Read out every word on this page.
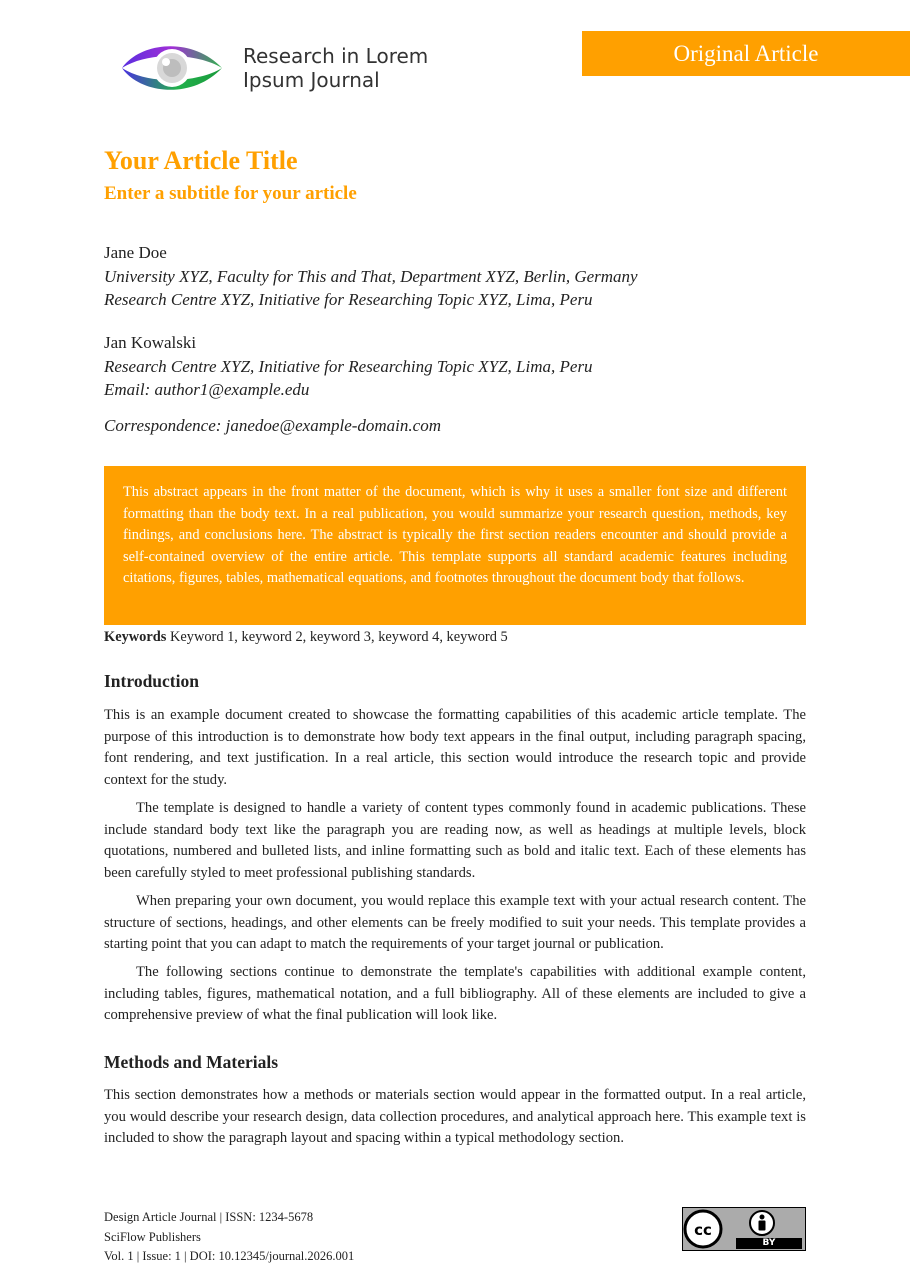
Research in Lorem
Ipsum Journal
Original Article
Your Article Title
Enter a subtitle for your article
Jane Doe
University XYZ, Faculty for This and That, Department XYZ, Berlin, Germany
Research Centre XYZ, Initiative for Researching Topic XYZ, Lima, Peru
Jan Kowalski
Research Centre XYZ, Initiative for Researching Topic XYZ, Lima, Peru
Email: author1@example.edu
Correspondence: janedoe@example-domain.com
This abstract appears in the front matter of the document, which is why it uses a smaller font size and different formatting than the body text. In a real publication, you would summarize your research question, methods, key findings, and conclusions here. The abstract is typically the first section readers encounter and should provide a self-contained overview of the entire article. This template supports all standard academic features including citations, figures, tables, mathematical equations, and footnotes throughout the document body that follows.
Keywords Keyword 1, keyword 2, keyword 3, keyword 4, keyword 5
Introduction

This is an example document created to showcase the formatting capabilities of this academic article template. The purpose of this introduction is to demonstrate how body text appears in the final output, including paragraph spacing, font rendering, and text justification. In a real article, this section would introduce the research topic and provide context for the study.

The template is designed to handle a variety of content types commonly found in academic publications. These include standard body text like the paragraph you are reading now, as well as headings at multiple levels, block quotations, numbered and bulleted lists, and inline formatting such as bold and italic text. Each of these elements has been carefully styled to meet professional publishing standards.

When preparing your own document, you would replace this example text with your actual research content. The structure of sections, headings, and other elements can be freely modified to suit your needs. This template provides a starting point that you can adapt to match the requirements of your target journal or publication.

The following sections continue to demonstrate the template's capabilities with additional example content, including tables, figures, mathematical notation, and a full bibliography. All of these elements are included to give a comprehensive preview of what the final publication will look like.

Methods and Materials

This section demonstrates how a methods or materials section would appear in the formatted output. In a real article, you would describe your research design, data collection procedures, and analytical approach here. This example text is included to show the paragraph layout and spacing within a typical methodology section.

Design Article Journal | ISSN: 1234-5678
SciFlow Publishers
Vol. 1 | Issue: 1 | DOI: 10.12345/journal.2026.001
cc
BY
